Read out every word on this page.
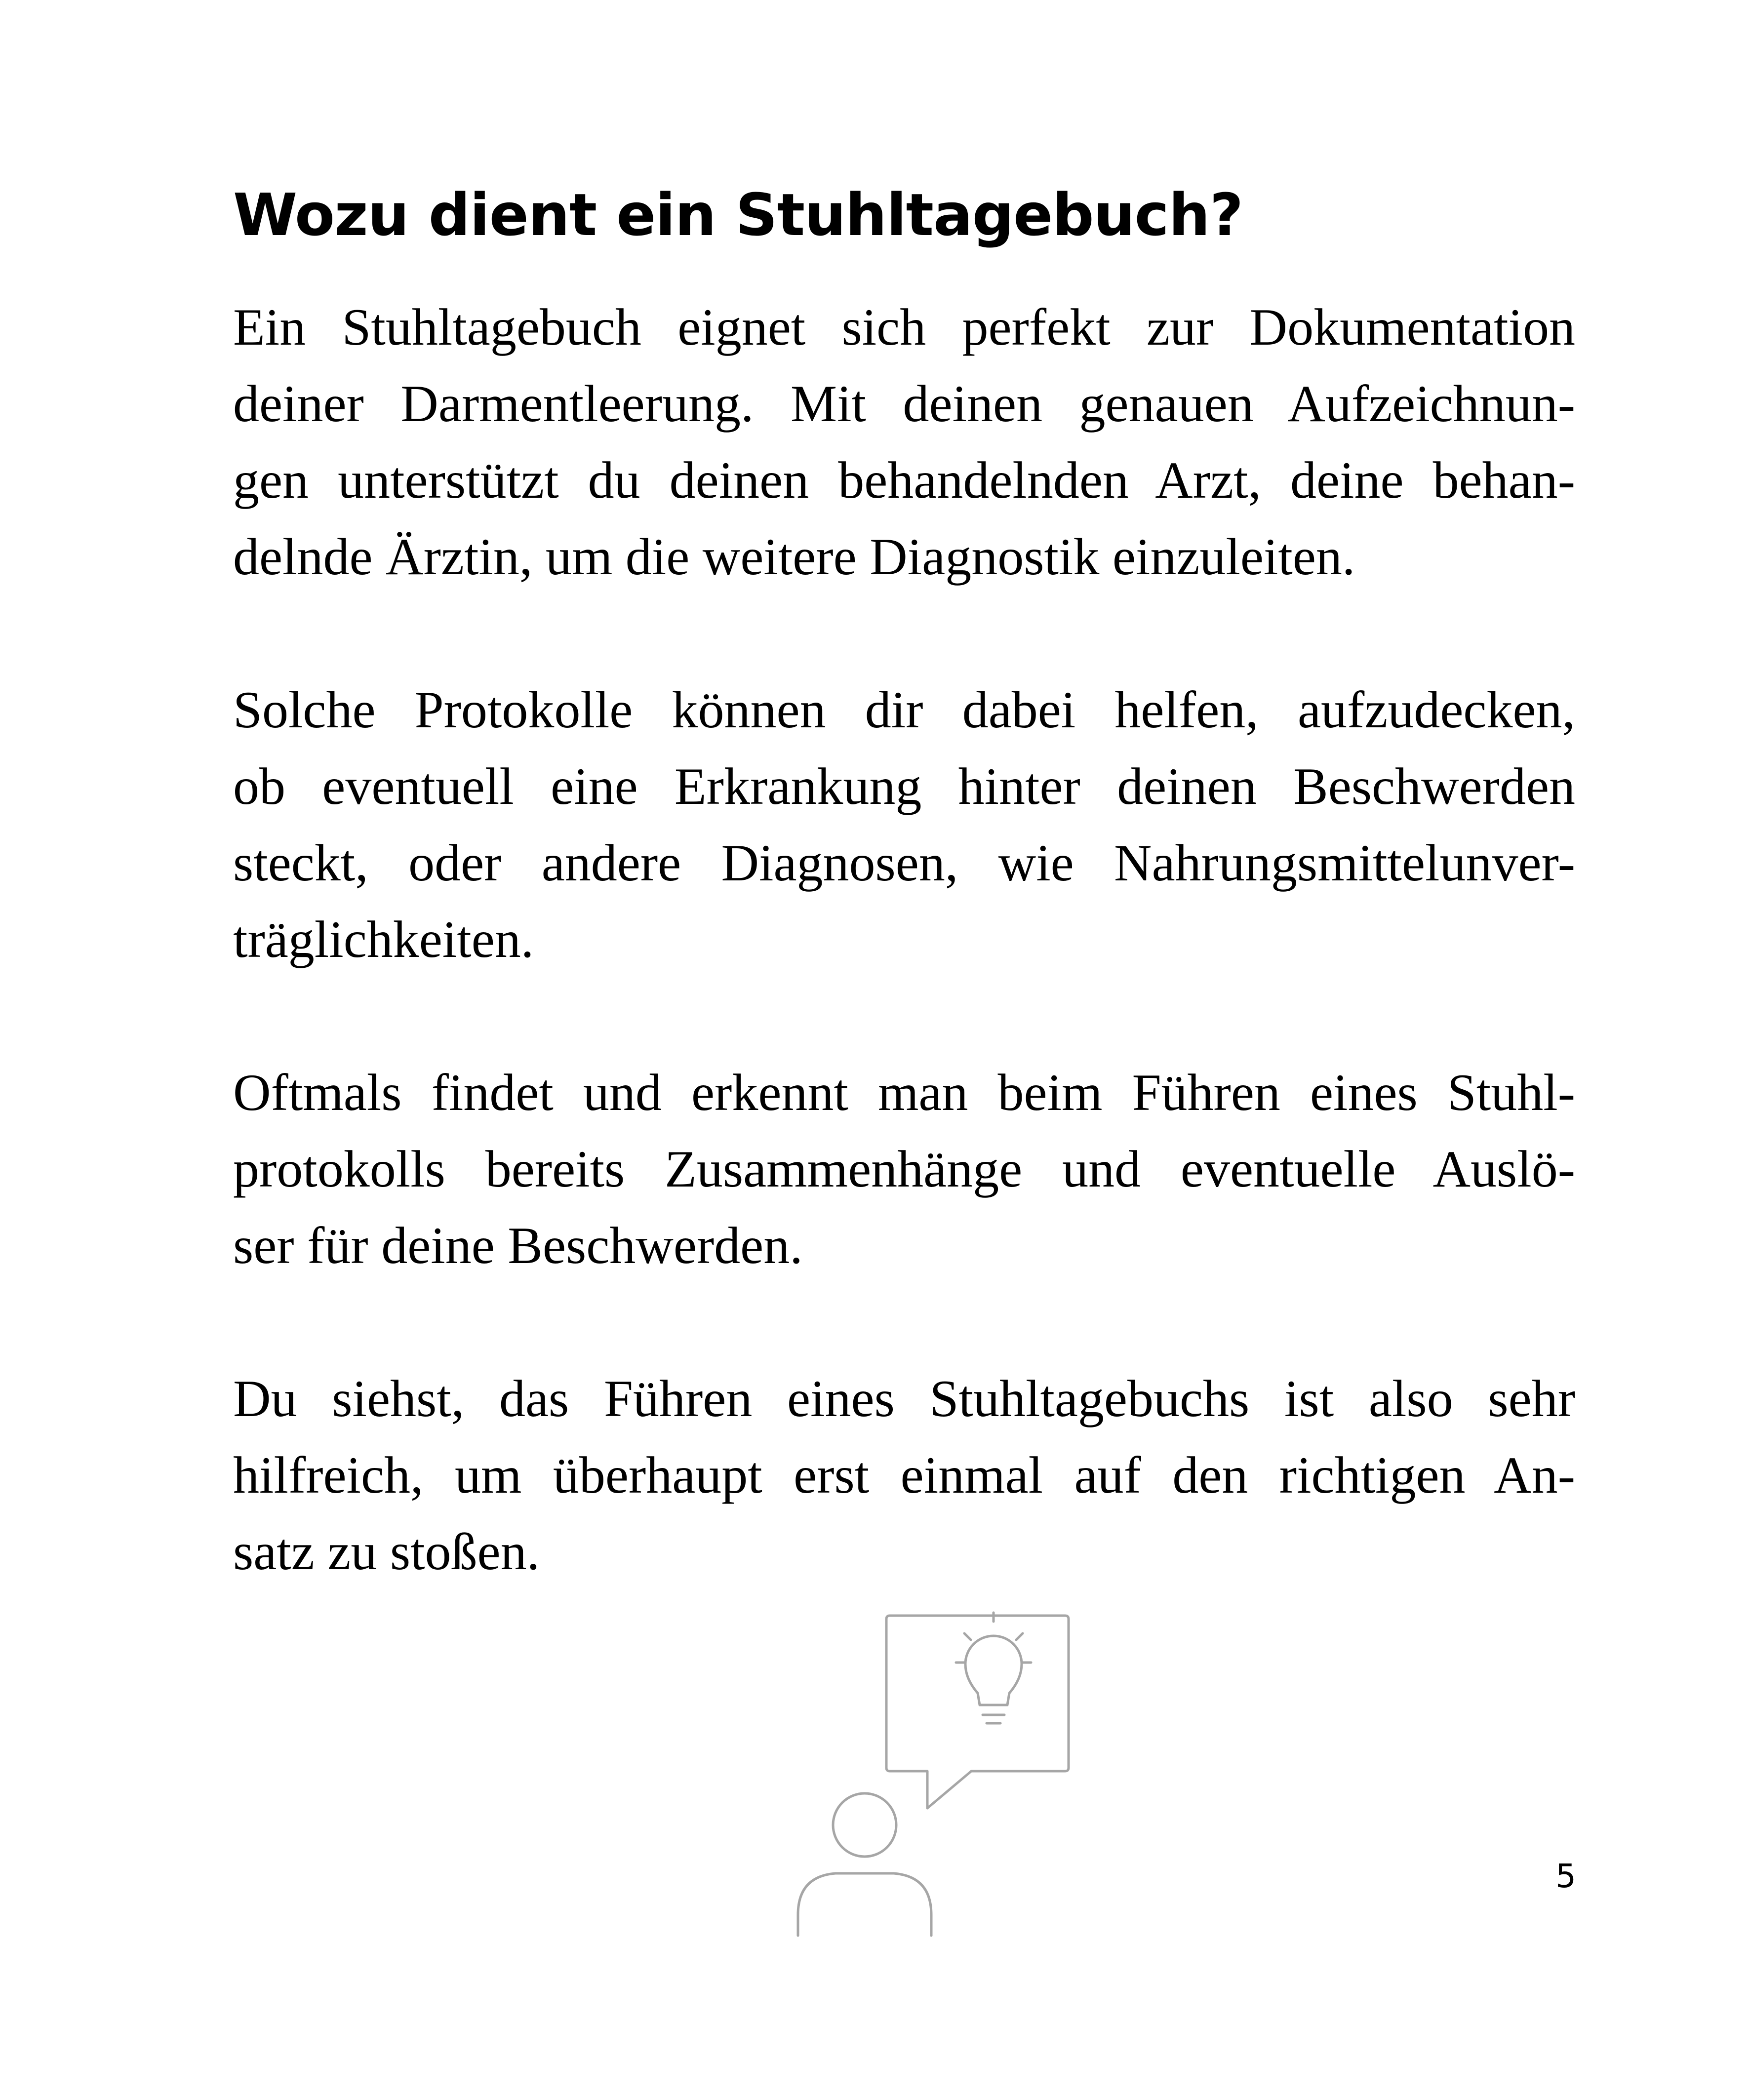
Wozu dient ein Stuhltagebuch?

Ein Stuhltagebuch eignet sich perfekt zur Dokumentation
deiner Darmentleerung. Mit deinen genauen Aufzeichnun-
gen unterstützt du deinen behandelnden Arzt, deine behan-
delnde Ärztin, um die weitere Diagnostik einzuleiten.

Solche Protokolle können dir dabei helfen, aufzudecken,
ob eventuell eine Erkrankung hinter deinen Beschwerden
steckt, oder andere Diagnosen, wie Nahrungsmittelunver-
träglichkeiten.

Oftmals findet und erkennt man beim Führen eines Stuhl-
protokolls bereits Zusammenhänge und eventuelle Auslö-
ser für deine Beschwerden.

Du siehst, das Führen eines Stuhltagebuchs ist also sehr
hilfreich, um überhaupt erst einmal auf den richtigen An-
satz zu stoßen.

5
